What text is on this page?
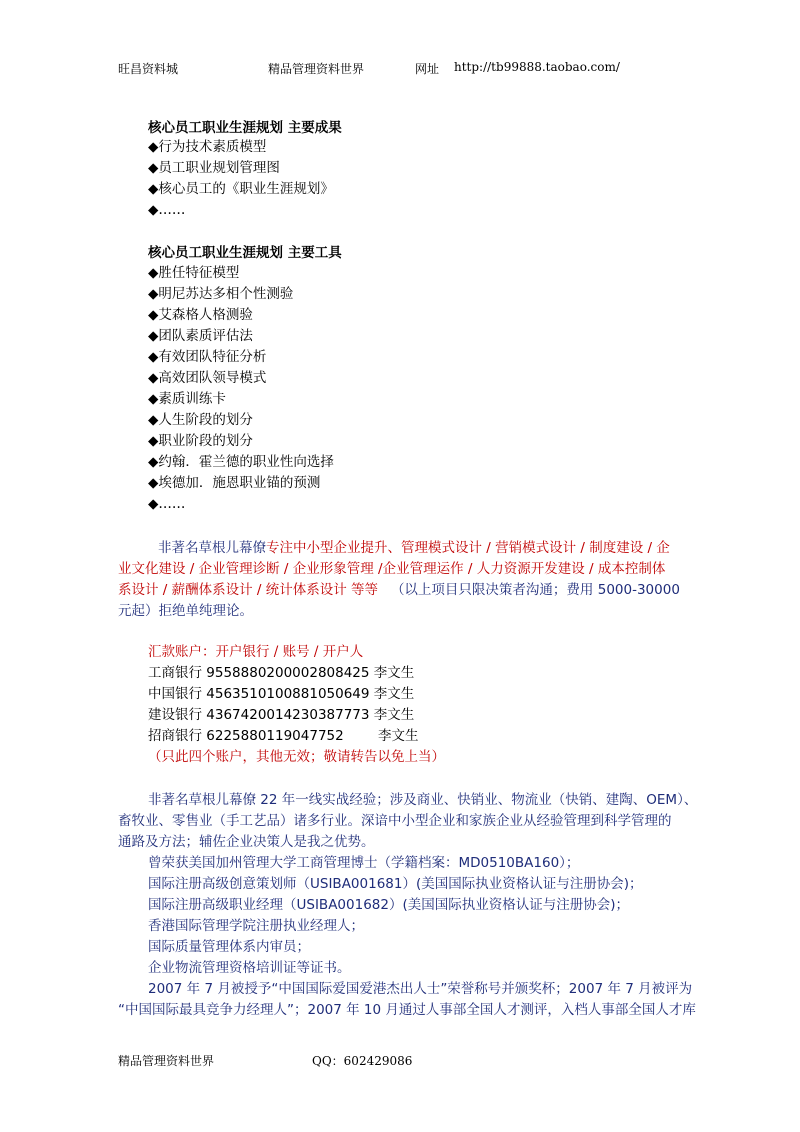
旺昌资料城	精品管理资料世界	网址 http://tb99888.taobao.com/
核心员工职业生涯规划 主要成果
◆行为技术素质模型
◆员工职业规划管理图
◆核心员工的《职业生涯规划》
◆……
核心员工职业生涯规划 主要工具
◆胜任特征模型
◆明尼苏达多相个性测验
◆艾森格人格测验
◆团队素质评估法
◆有效团队特征分析
◆高效团队领导模式
◆素质训练卡
◆人生阶段的划分
◆职业阶段的划分
◆约翰．霍兰德的职业性向选择
◆埃德加．施恩职业锚的预测
◆……
非著名草根儿幕僚专注中小型企业提升、管理模式设计 / 营销模式设计 / 制度建设 / 企
业文化建设 / 企业管理诊断 / 企业形象管理 /企业管理运作 / 人力资源开发建设 / 成本控制体
系设计 / 薪酬体系设计 / 统计体系设计 等等 （以上项目只限决策者沟通；费用 5000-30000
元起）拒绝单纯理论。
汇款账户：开户银行 / 账号 / 开户人
工商银行 9558880200002808425 李文生
中国银行 4563510100881050649 李文生
建设银行 4367420014230387773 李文生
招商银行 6225880119047752        李文生
（只此四个账户，其他无效；敬请转告以免上当）
非著名草根儿幕僚 22 年一线实战经验；涉及商业、快销业、物流业（快销、建陶、OEM）、
畜牧业、零售业（手工艺品）诸多行业。深谙中小型企业和家族企业从经验管理到科学管理的
通路及方法；辅佐企业决策人是我之优势。
曾荣获美国加州管理大学工商管理博士（学籍档案：MD0510BA160）；
国际注册高级创意策划师（USIBA001681）(美国国际执业资格认证与注册协会)；
国际注册高级职业经理（USIBA001682）(美国国际执业资格认证与注册协会)；
香港国际管理学院注册执业经理人；
国际质量管理体系内审员；
企业物流管理资格培训证等证书。
2007 年 7 月被授予“中国国际爱国爱港杰出人士”荣誉称号并颁奖杯；2007 年 7 月被评为
“中国国际最具竞争力经理人”；2007 年 10 月通过人事部全国人才测评，入档人事部全国人才库
精品管理资料世界	QQ：602429086
